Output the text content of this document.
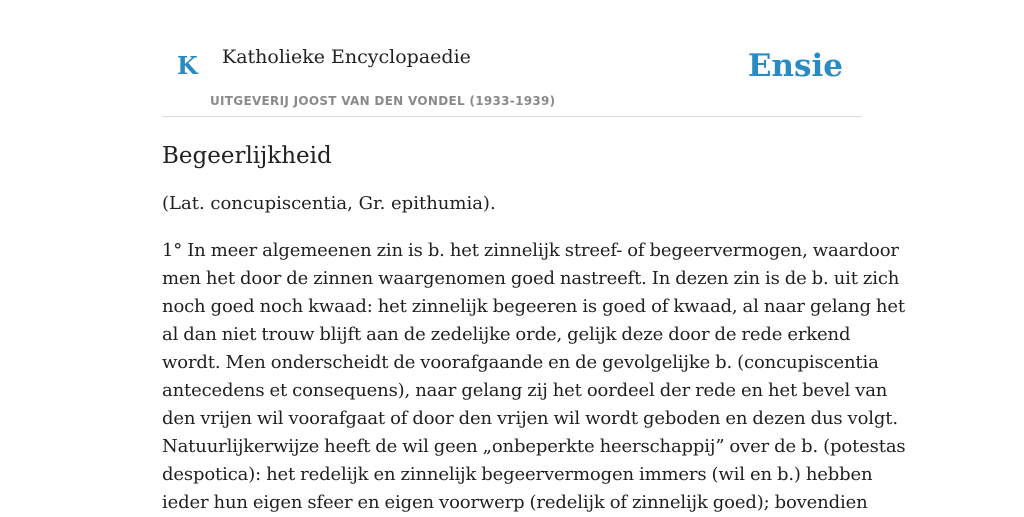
K Katholieke Encyclopaedie
UITGEVERIJ JOOST VAN DEN VONDEL (1933-1939)
Ensie
Begeerlijkheid

(Lat. concupiscentia, Gr. epithumia).

1° In meer algemeenen zin is b. het zinnelijk streef- of begeervermogen, waardoor
men het door de zinnen waargenomen goed nastreeft. In dezen zin is de b. uit zich
noch goed noch kwaad: het zinnelijk begeeren is goed of kwaad, al naar gelang het
al dan niet trouw blijft aan de zedelijke orde, gelijk deze door de rede erkend
wordt. Men onderscheidt de voorafgaande en de gevolgelijke b. (concupiscentia
antecedens et consequens), naar gelang zij het oordeel der rede en het bevel van
den vrijen wil voorafgaat of door den vrijen wil wordt geboden en dezen dus volgt.
Natuurlijkerwijze heeft de wil geen „onbeperkte heerschappij” over de b. (potestas
despotica): het redelijk en zinnelijk begeervermogen immers (wil en b.) hebben
ieder hun eigen sfeer en eigen voorwerp (redelijk of zinnelijk goed); bovendien
